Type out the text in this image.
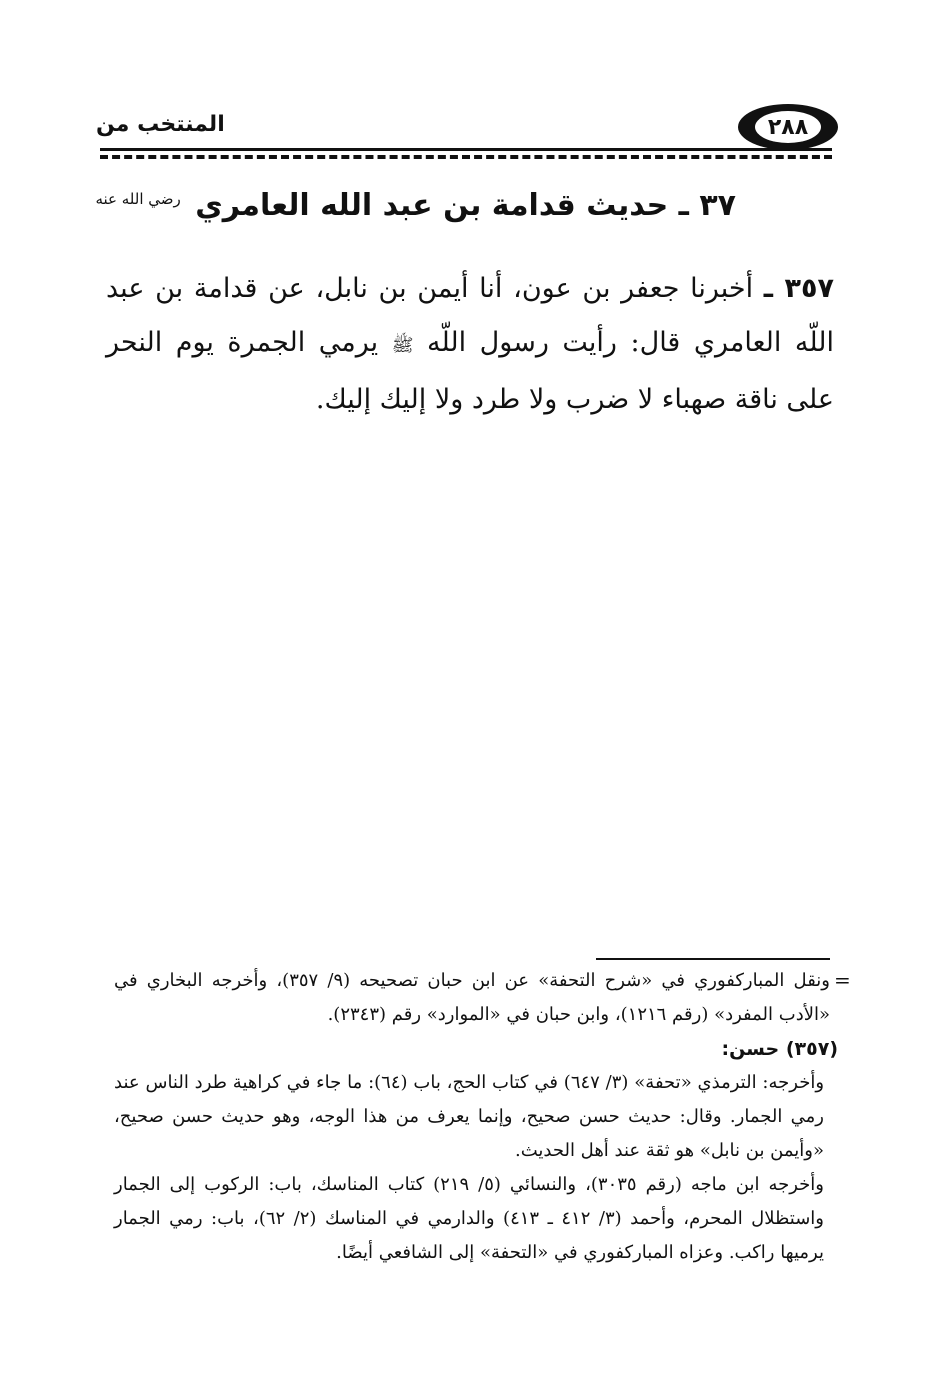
المنتخب من	٢٨٨
٣٧ ـ حديث قدامة بن عبد الله العامري $^{رضي الله عنه}$
٣٥٧ ـ أخبرنا جعفر بن عون، أنا أيمن بن نابل، عن قدامة بن عبد اللّه العامري قال: رأيت رسول اللّه ﷺ يرمي الجمرة يوم النحر على ناقة صهباء لا ضرب ولا طرد ولا إليك إليك.
=

ونقل المباركفوري في «شرح التحفة» عن ابن حبان تصحيحه (٩/ ٣٥٧)، وأخرجه البخاري في «الأدب المفرد» (رقم ١٢١٦)، وابن حبان في «الموارد» رقم (٢٣٤٣).

(٣٥٧) حسن:

وأخرجه: الترمذي «تحفة» (٣/ ٦٤٧) في كتاب الحج، باب (٦٤): ما جاء في كراهية طرد الناس عند رمي الجمار. وقال: حديث حسن صحيح، وإنما يعرف من هذا الوجه، وهو حديث حسن صحيح، «وأيمن بن نابل» هو ثقة عند أهل الحديث.

وأخرجه ابن ماجه (رقم ٣٠٣٥)، والنسائي (٥/ ٢١٩) كتاب المناسك، باب: الركوب إلى الجمار واستظلال المحرم، وأحمد (٣/ ٤١٢ ـ ٤١٣) والدارمي في المناسك (٢/ ٦٢)، باب: رمي الجمار يرميها راكب. وعزاه المباركفوري في «التحفة» إلى الشافعي أيضًا.
